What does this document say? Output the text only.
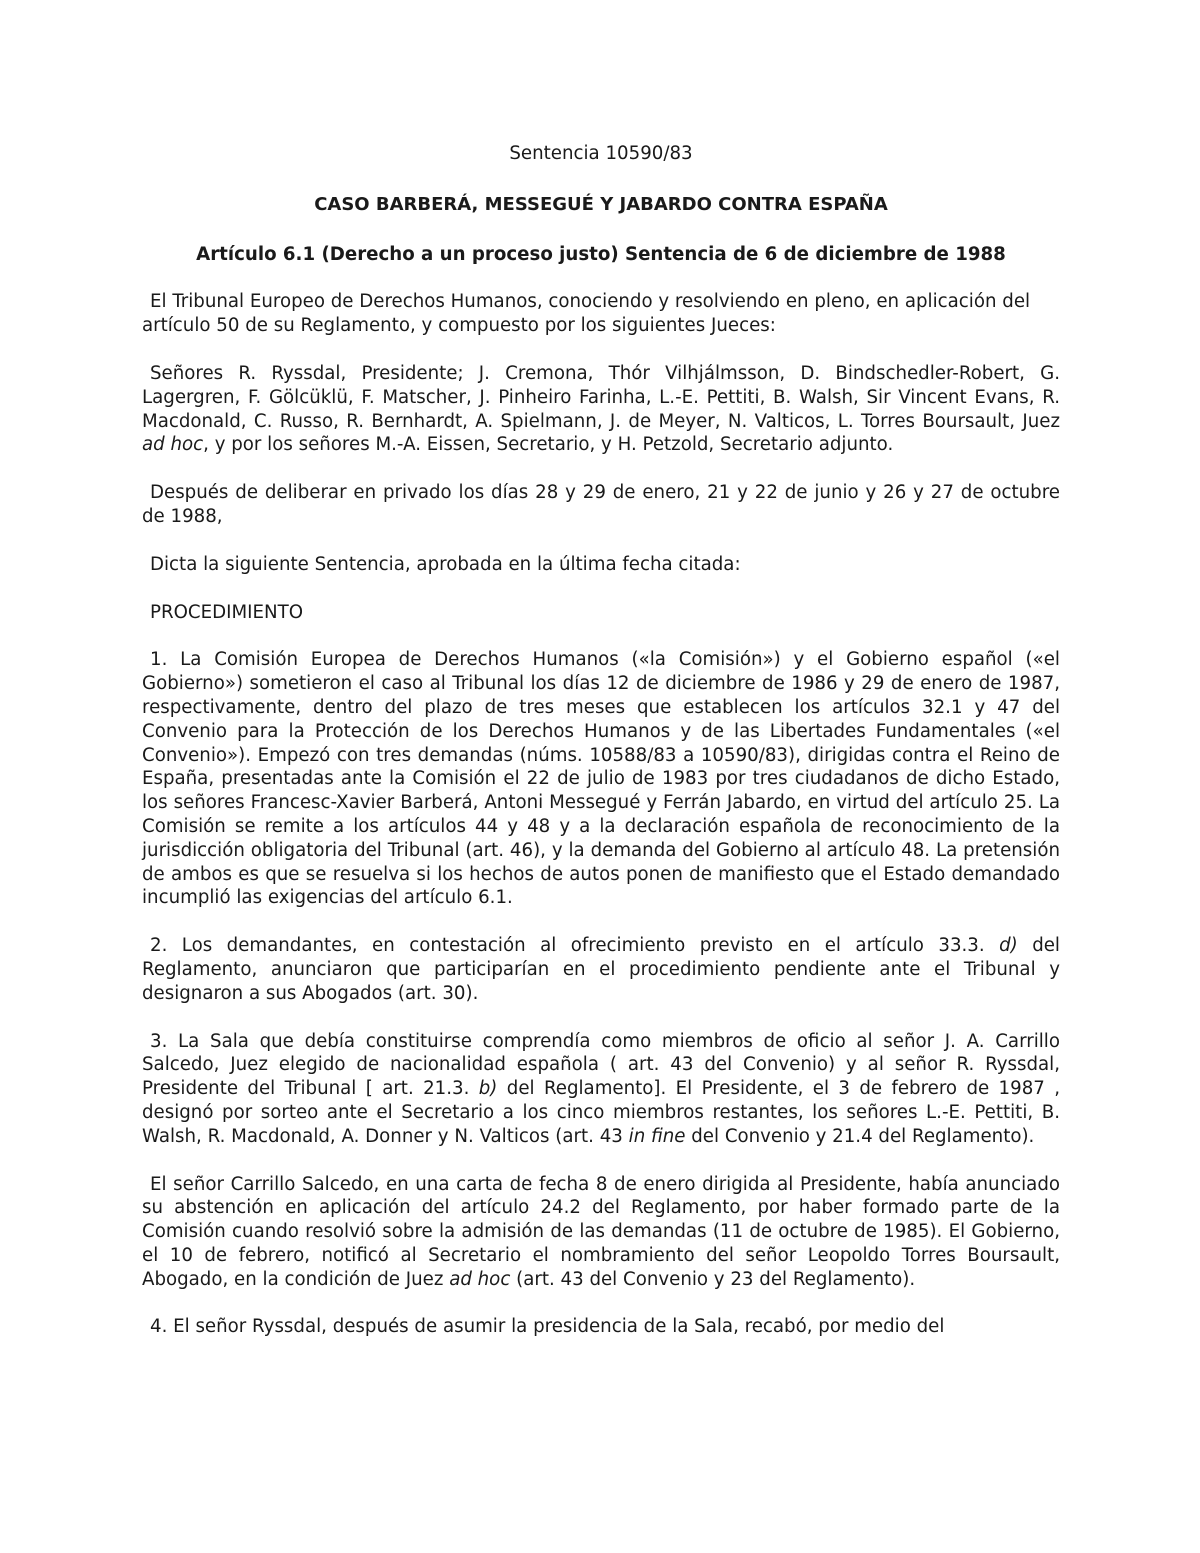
Sentencia 10590/83

CASO BARBERÁ, MESSEGUÉ Y JABARDO CONTRA ESPAÑA

Artículo 6.1 (Derecho a un proceso justo) Sentencia de 6 de diciembre de 1988

El Tribunal Europeo de Derechos Humanos, conociendo y resolviendo en pleno, en aplicación del artículo 50 de su Reglamento, y compuesto por los siguientes Jueces:

Señores R. Ryssdal, Presidente; J. Cremona, Thór Vilhjálmsson, D. Bindschedler-Robert, G. Lagergren, F. Gölcüklü, F. Matscher, J. Pinheiro Farinha, L.-E. Pettiti, B. Walsh, Sir Vincent Evans, R. Macdonald, C. Russo, R. Bernhardt, A. Spielmann, J. de Meyer, N. Valticos, L. Torres Boursault, Juez ad hoc, y por los señores M.-A. Eissen, Secretario, y H. Petzold, Secretario adjunto.

Después de deliberar en privado los días 28 y 29 de enero, 21 y 22 de junio y 26 y 27 de octubre de 1988,

Dicta la siguiente Sentencia, aprobada en la última fecha citada:

PROCEDIMIENTO

1. La Comisión Europea de Derechos Humanos («la Comisión») y el Gobierno español («el Gobierno») sometieron el caso al Tribunal los días 12 de diciembre de 1986 y 29 de enero de 1987, respectivamente, dentro del plazo de tres meses que establecen los artículos 32.1 y 47 del Convenio para la Protección de los Derechos Humanos y de las Libertades Fundamentales («el Convenio»). Empezó con tres demandas (núms. 10588/83 a 10590/83), dirigidas contra el Reino de España, presentadas ante la Comisión el 22 de julio de 1983 por tres ciudadanos de dicho Estado, los señores Francesc-Xavier Barberá, Antoni Messegué y Ferrán Jabardo, en virtud del artículo 25. La Comisión se remite a los artículos 44 y 48 y a la declaración española de reconocimiento de la jurisdicción obligatoria del Tribunal (art. 46), y la demanda del Gobierno al artículo 48. La pretensión de ambos es que se resuelva si los hechos de autos ponen de manifiesto que el Estado demandado incumplió las exigencias del artículo 6.1.

2. Los demandantes, en contestación al ofrecimiento previsto en el artículo 33.3. d) del Reglamento, anunciaron que participarían en el procedimiento pendiente ante el Tribunal y designaron a sus Abogados (art. 30).

3. La Sala que debía constituirse comprendía como miembros de oficio al señor J. A. Carrillo Salcedo, Juez elegido de nacionalidad española ( art. 43 del Convenio) y al señor R. Ryssdal, Presidente del Tribunal [ art. 21.3. b) del Reglamento]. El Presidente, el 3 de febrero de 1987 , designó por sorteo ante el Secretario a los cinco miembros restantes, los señores L.-E. Pettiti, B. Walsh, R. Macdonald, A. Donner y N. Valticos (art. 43 in fine del Convenio y 21.4 del Reglamento).

El señor Carrillo Salcedo, en una carta de fecha 8 de enero dirigida al Presidente, había anunciado su abstención en aplicación del artículo 24.2 del Reglamento, por haber formado parte de la Comisión cuando resolvió sobre la admisión de las demandas (11 de octubre de 1985). El Gobierno, el 10 de febrero, notificó al Secretario el nombramiento del señor Leopoldo Torres Boursault, Abogado, en la condición de Juez ad hoc (art. 43 del Convenio y 23 del Reglamento).

4. El señor Ryssdal, después de asumir la presidencia de la Sala, recabó, por medio del
